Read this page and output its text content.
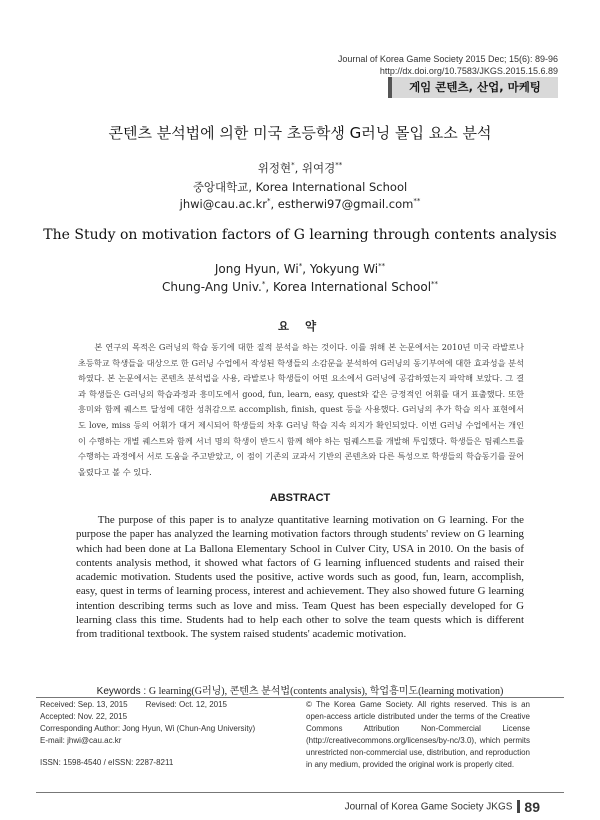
Journal of Korea Game Society 2015 Dec; 15(6): 89-96
http://dx.doi.org/10.7583/JKGS.2015.15.6.89
게임 콘텐츠, 산업, 마케팅
콘텐츠 분석법에 의한 미국 초등학생 G러닝 몰입 요소 분석
위정현*, 위여경**
중앙대학교, Korea International School
jhwi@cau.ac.kr*, estherwi97@gmail.com**
The Study on motivation factors of G learning through contents analysis
Jong Hyun, Wi*, Yokyung Wi**
Chung-Ang Univ.*, Korea International School**
요 약
본 연구의 목적은 G러닝의 학습 동기에 대한 질적 분석을 하는 것이다. 이를 위해 본 논문에서는 2010년 미국 라발로나 초등학교 학생들을 대상으로 한 G러닝 수업에서 작성된 학생들의 소감문을 분석하여 G러닝의 동기부여에 대한 효과성을 분석하였다. 본 논문에서는 콘텐츠 분석법을 사용, 라발로나 학생들이 어떤 요소에서 G러닝에 공감하였는지 파악해 보았다. 그 결과 학생들은 G러닝의 학습과정과 흥미도에서 good, fun, learn, easy, quest와 같은 긍정적인 어휘를 대거 표출했다. 또한 흥미와 함께 퀘스트 달성에 대한 성취감으로 accomplish, finish, quest 등을 사용했다. G러닝의 추가 학습 의사 표현에서도 love, miss 등의 어휘가 대거 제시되어 학생들의 차후 G러닝 학습 지속 의지가 확인되었다. 이번 G러닝 수업에서는 개인이 수행하는 개별 퀘스트와 함께 서너 명의 학생이 반드시 함께 해야 하는 팀퀘스트를 개발해 투입했다. 학생들은 팀퀘스트를 수행하는 과정에서 서로 도움을 주고받았고, 이 점이 기존의 교과서 기반의 콘텐츠와 다른 특성으로 학생들의 학습동기를 끌어올렸다고 볼 수 있다.
ABSTRACT
The purpose of this paper is to analyze quantitative learning motivation on G learning. For the purpose the paper has analyzed the learning motivation factors through students' review on G learning which had been done at La Ballona Elementary School in Culver City, USA in 2010. On the basis of contents analysis method, it showed what factors of G learning influenced students and raised their academic motivation. Students used the positive, active words such as good, fun, learn, accomplish, easy, quest in terms of learning process, interest and achievement. They also showed future G learning intention describing terms such as love and miss. Team Quest has been especially developed for G learning class this time. Students had to help each other to solve the team quests which is different from traditional textbook. The system raised students' academic motivation.
Keywords : G learning(G러닝), 콘텐츠 분석법(contents analysis), 학업흥미도(learning motivation)
Received: Sep. 13, 2015 Revised: Oct. 12, 2015
Accepted: Nov. 22, 2015
Corresponding Author: Jong Hyun, Wi (Chun-Ang University)
E-mail: jhwi@cau.ac.kr
ISSN: 1598-4540 / eISSN: 2287-8211
© The Korea Game Society. All rights reserved. This is an open-access article distributed under the terms of the Creative Commons Attribution Non-Commercial License (http://creativecommons.org/licenses/by-nc/3.0), which permits unrestricted non-commercial use, distribution, and reproduction in any medium, provided the original work is properly cited.
Journal of Korea Game Society JKGS 89
